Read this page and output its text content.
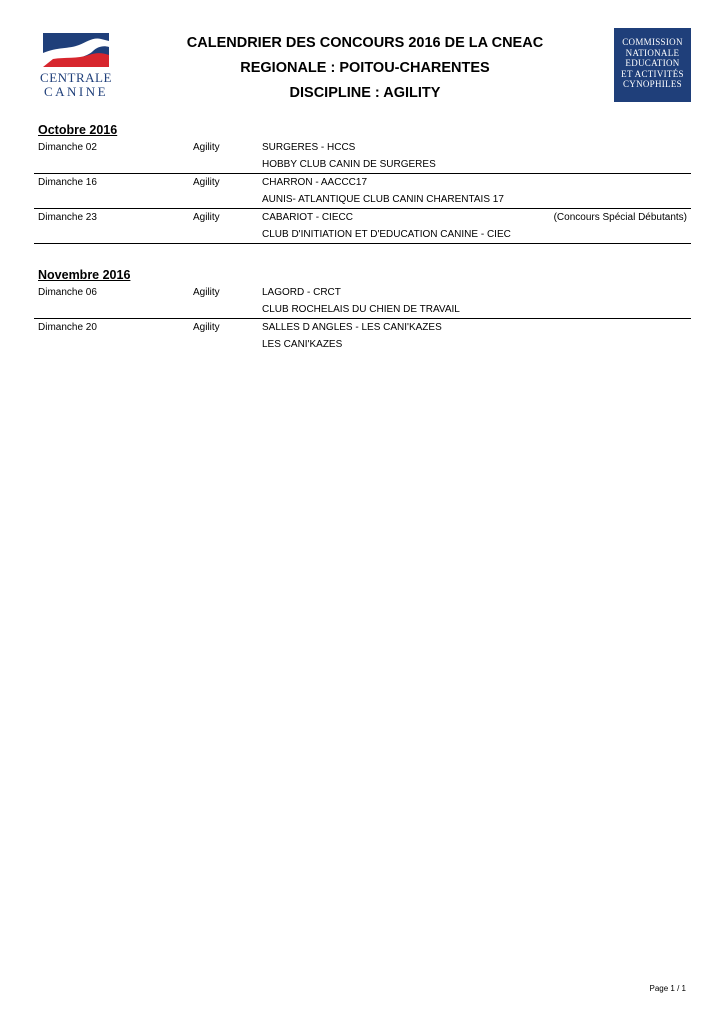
CENTRALE
CANINE
CALENDRIER DES CONCOURS 2016 DE LA CNEAC
REGIONALE : POITOU-CHARENTES
DISCIPLINE : AGILITY
COMMISSION
NATIONALE
EDUCATION
ET ACTIVITÉS
CYNOPHILES
Octobre 2016
Dimanche 02	Agility	SURGERES - HCCS
HOBBY CLUB CANIN DE SURGERES
Dimanche 16	Agility	CHARRON - AACCC17
AUNIS- ATLANTIQUE CLUB CANIN CHARENTAIS 17
Dimanche 23	Agility	CABARIOT - CIECC	(Concours Spécial Débutants)
CLUB D'INITIATION ET D'EDUCATION CANINE - CIEC
Novembre 2016
Dimanche 06	Agility	LAGORD - CRCT
CLUB ROCHELAIS DU CHIEN DE TRAVAIL
Dimanche 20	Agility	SALLES D ANGLES - LES CANI'KAZES
LES CANI'KAZES
Page 1 / 1
